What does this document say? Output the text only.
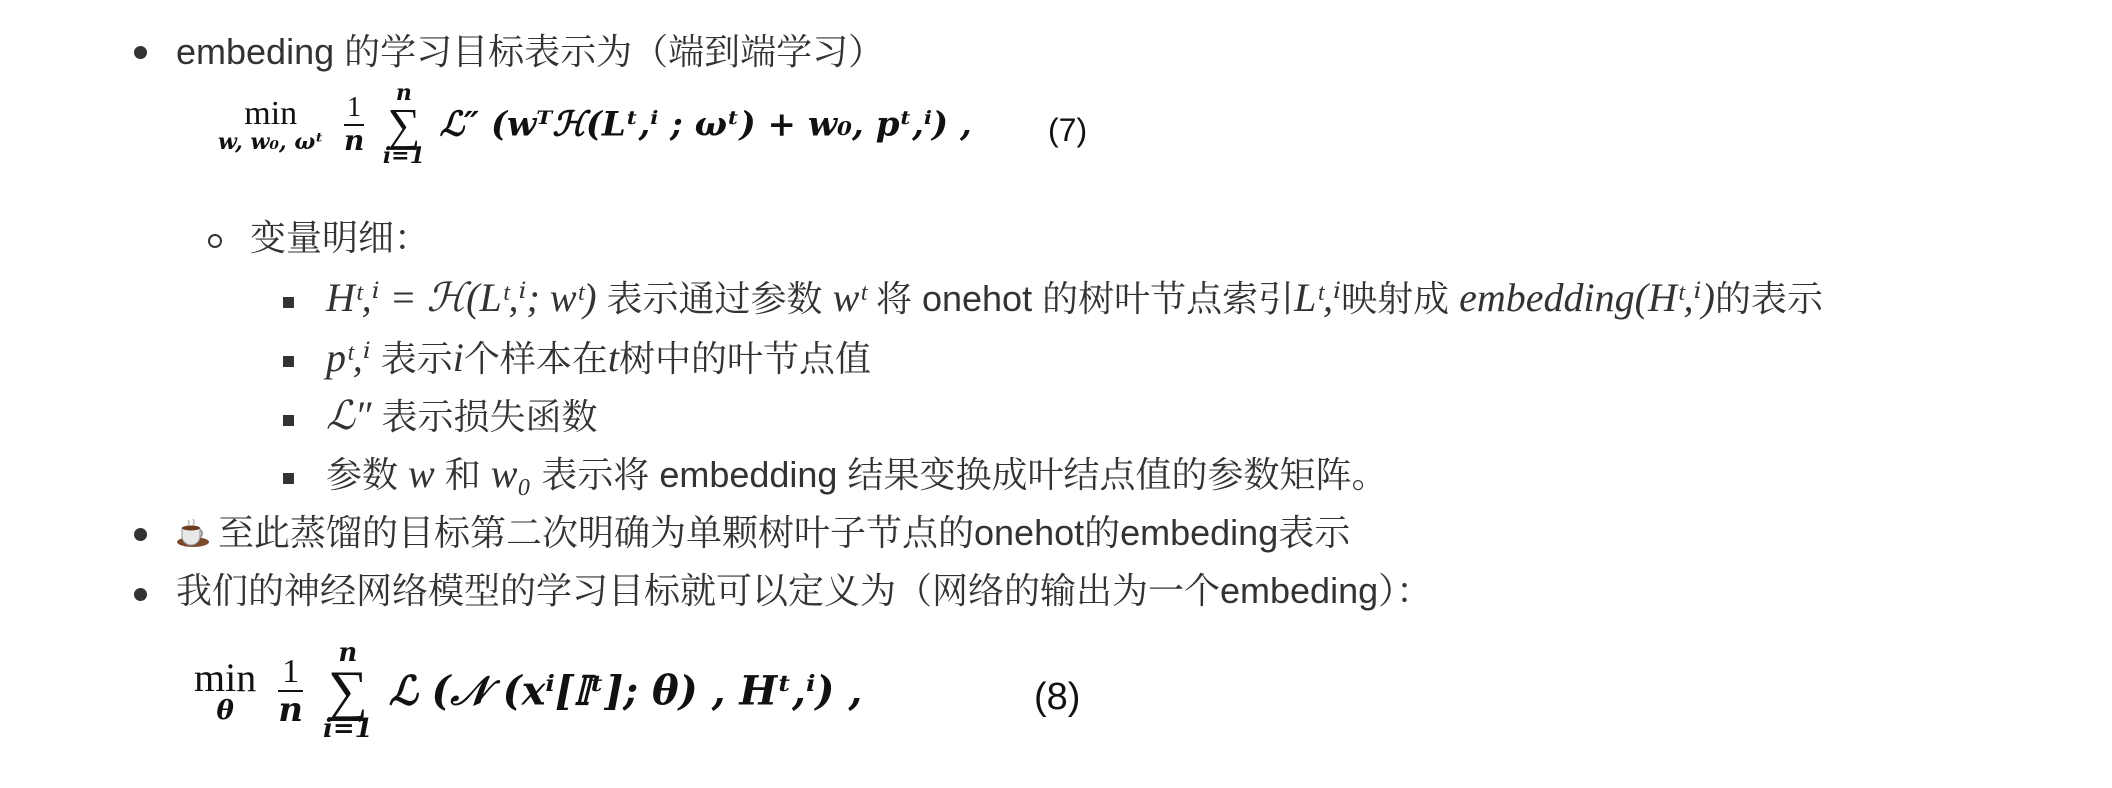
embeding 的学习目标表示为（端到端学习）
min
w, w₀, ωᵗ
$\frac{1}{n}$
	n
∑
i=1
ℒ″ (wᵀℋ(Lᵗ,ⁱ ; ωᵗ) + w₀, pᵗ,ⁱ) , (7)
变量明细：
Hᵗ,ⁱ = ℋ(Lᵗ,ⁱ; wᵗ) 表示通过参数 wᵗ 将 onehot 的树叶节点索引Lᵗ,ⁱ映射成 embedding(Hᵗ,ⁱ)的表示
pᵗ,ⁱ 表示i个样本在t树中的叶节点值
ℒ″ 表示损失函数
参数 w 和 w₀ 表示将 embedding 结果变换成叶结点值的参数矩阵。
至此蒸馏的目标第二次明确为单颗树叶子节点的onehot的embeding表示
我们的神经网络模型的学习目标就可以定义为（网络的输出为一个embeding）：
min
θ
	$\frac{1}{n}$
	n
∑
i=1
ℒ (𝒩 (xⁱ[𝕀ᵗ]; θ) , Hᵗ,ⁱ) ,	(8)
